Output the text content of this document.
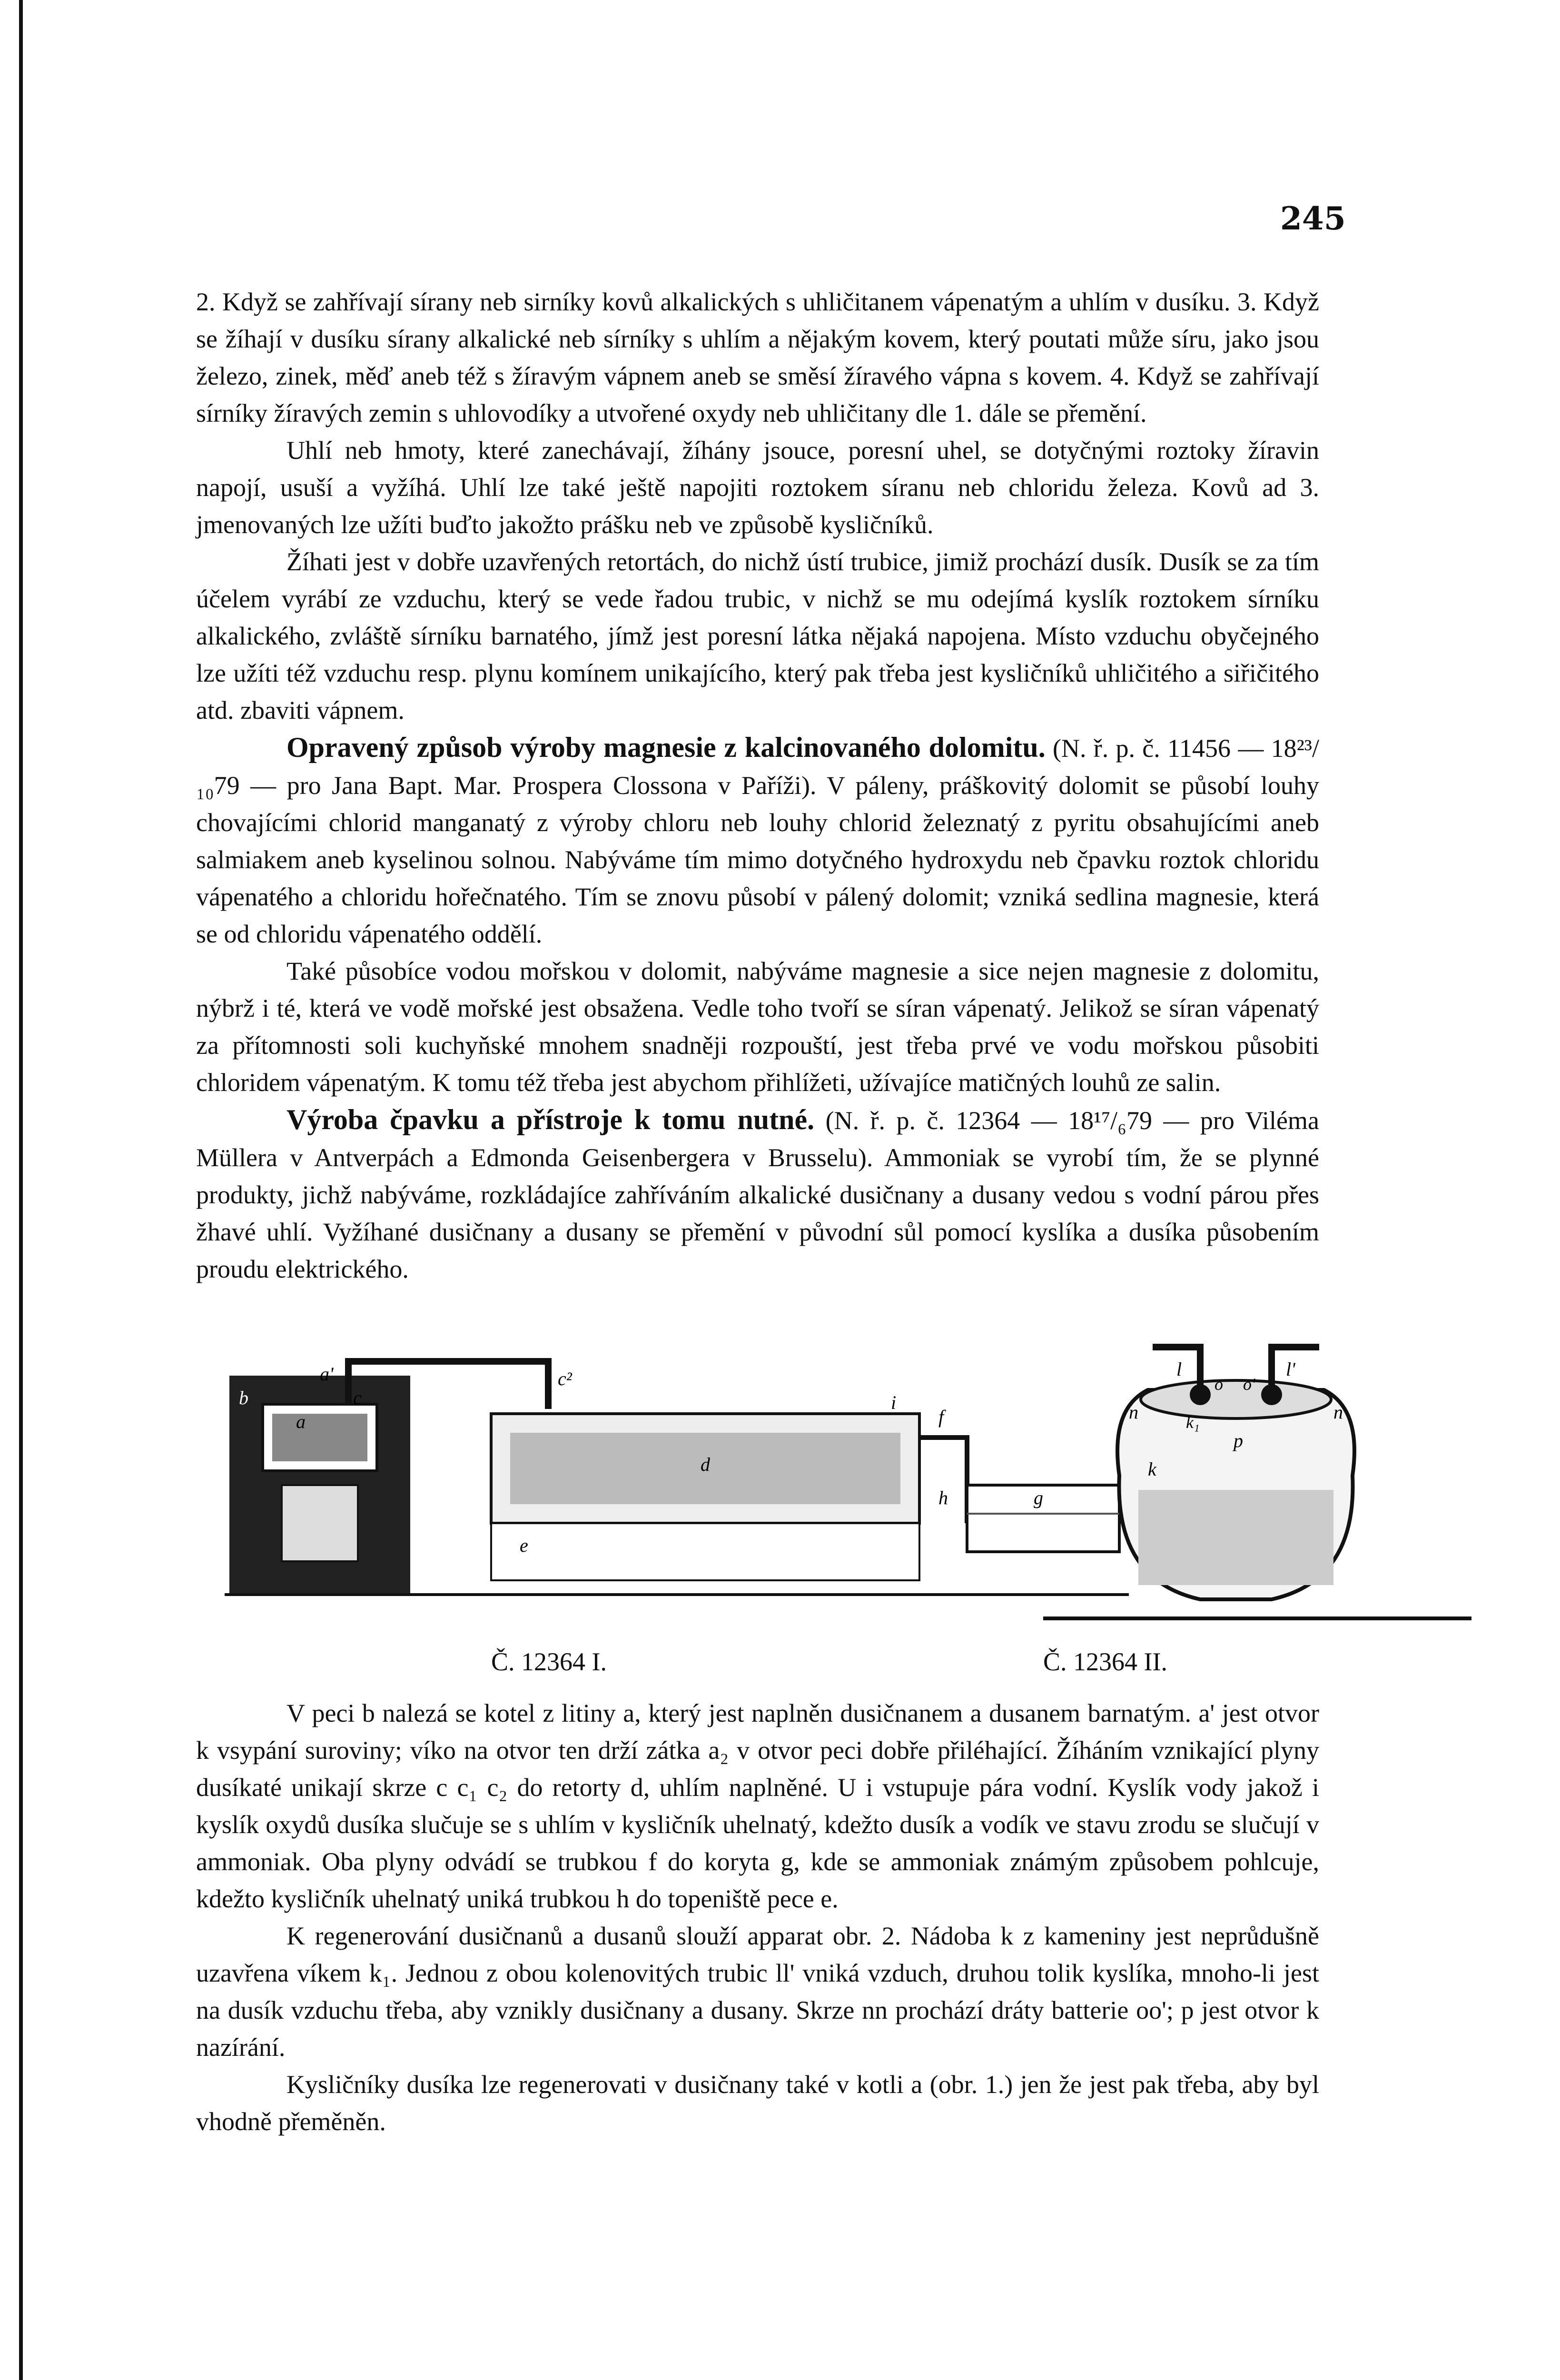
245

2. Když se zahřívají sírany neb sirníky kovů alkalických s uhličitanem vápenatým a uhlím v dusíku. 3. Když se žíhají v dusíku sírany alkalické neb sírníky s uhlím a nějakým kovem, který poutati může síru, jako jsou železo, zinek, měď aneb též s žíravým vápnem aneb se směsí žíravého vápna s kovem. 4. Když se zahřívají sírníky žíravých zemin s uhlovodíky a utvořené oxydy neb uhličitany dle 1. dále se přemění.

Uhlí neb hmoty, které zanechávají, žíhány jsouce, poresní uhel, se dotyčnými roztoky žíravin napojí, usuší a vyžíhá. Uhlí lze také ještě napojiti roztokem síranu neb chloridu železa. Kovů ad 3. jmenovaných lze užíti buďto jakožto prášku neb ve způsobě kysličníků.

Žíhati jest v dobře uzavřených retortách, do nichž ústí trubice, jimiž prochází dusík. Dusík se za tím účelem vyrábí ze vzduchu, který se vede řadou trubic, v nichž se mu odejímá kyslík roztokem sírníku alkalického, zvláště sírníku barnatého, jímž jest poresní látka nějaká napojena. Místo vzduchu obyčejného lze užíti též vzduchu resp. plynu komínem unikajícího, který pak třeba jest kysličníků uhličitého a siřičitého atd. zbaviti vápnem.

Opravený způsob výroby magnesie z kalcinovaného dolomitu. (N. ř. p. č. 11456 — 18²³/₁₀79 — pro Jana Bapt. Mar. Prospera Clossona v Paříži). V páleny, práškovitý dolomit se působí louhy chovajícími chlorid manganatý z výroby chloru neb louhy chlorid železnatý z pyritu obsahujícími aneb salmiakem aneb kyselinou solnou. Nabýváme tím mimo dotyčného hydroxydu neb čpavku roztok chloridu vápenatého a chloridu hořečnatého. Tím se znovu působí v pálený dolomit; vzniká sedlina magnesie, která se od chloridu vápenatého oddělí.

Také působíce vodou mořskou v dolomit, nabýváme magnesie a sice nejen magnesie z dolomitu, nýbrž i té, která ve vodě mořské jest obsažena. Vedle toho tvoří se síran vápenatý. Jelikož se síran vápenatý za přítomnosti soli kuchyňské mnohem snadněji rozpouští, jest třeba prvé ve vodu mořskou působiti chloridem vápenatým. K tomu též třeba jest abychom přihlížeti, užívajíce matičných louhů ze salin.

Výroba čpavku a přístroje k tomu nutné. (N. ř. p. č. 12364 — 18¹⁷/₆79 — pro Viléma Müllera v Antverpách a Edmonda Geisenbergera v Brusselu). Ammoniak se vyrobí tím, že se plynné produkty, jichž nabýváme, rozkládajíce zahříváním alkalické dusičnany a dusany vedou s vodní párou přes žhavé uhlí. Vyžíhané dusičnany a dusany se přemění v původní sůl pomocí kyslíka a dusíka působením proudu elektrického.

a
a'
b	c
c²
d
f
g
h
i
e
l	l'
o o'
n	n
p
k
k₁
Č. 12364 I.	Č. 12364 II.

V peci b nalezá se kotel z litiny a, který jest naplněn dusičnanem a dusanem barnatým. a' jest otvor k vsypání suroviny; víko na otvor ten drží zátka a₂ v otvor peci dobře přiléhající. Žíháním vznikající plyny dusíkaté unikají skrze c c₁ c₂ do retorty d, uhlím naplněné. U i vstupuje pára vodní. Kyslík vody jakož i kyslík oxydů dusíka slučuje se s uhlím v kysličník uhelnatý, kdežto dusík a vodík ve stavu zrodu se slučují v ammoniak. Oba plyny odvádí se trubkou f do koryta g, kde se ammoniak známým způsobem pohlcuje, kdežto kysličník uhelnatý uniká trubkou h do topeniště pece e.

K regenerování dusičnanů a dusanů slouží apparat obr. 2. Nádoba k z kameniny jest neprůdušně uzavřena víkem k₁. Jednou z obou kolenovitých trubic ll' vniká vzduch, druhou tolik kyslíka, mnoho-li jest na dusík vzduchu třeba, aby vznikly dusičnany a dusany. Skrze nn prochází dráty batterie oo'; p jest otvor k nazírání.

Kysličníky dusíka lze regenerovati v dusičnany také v kotli a (obr. 1.) jen že jest pak třeba, aby byl vhodně přeměněn.
